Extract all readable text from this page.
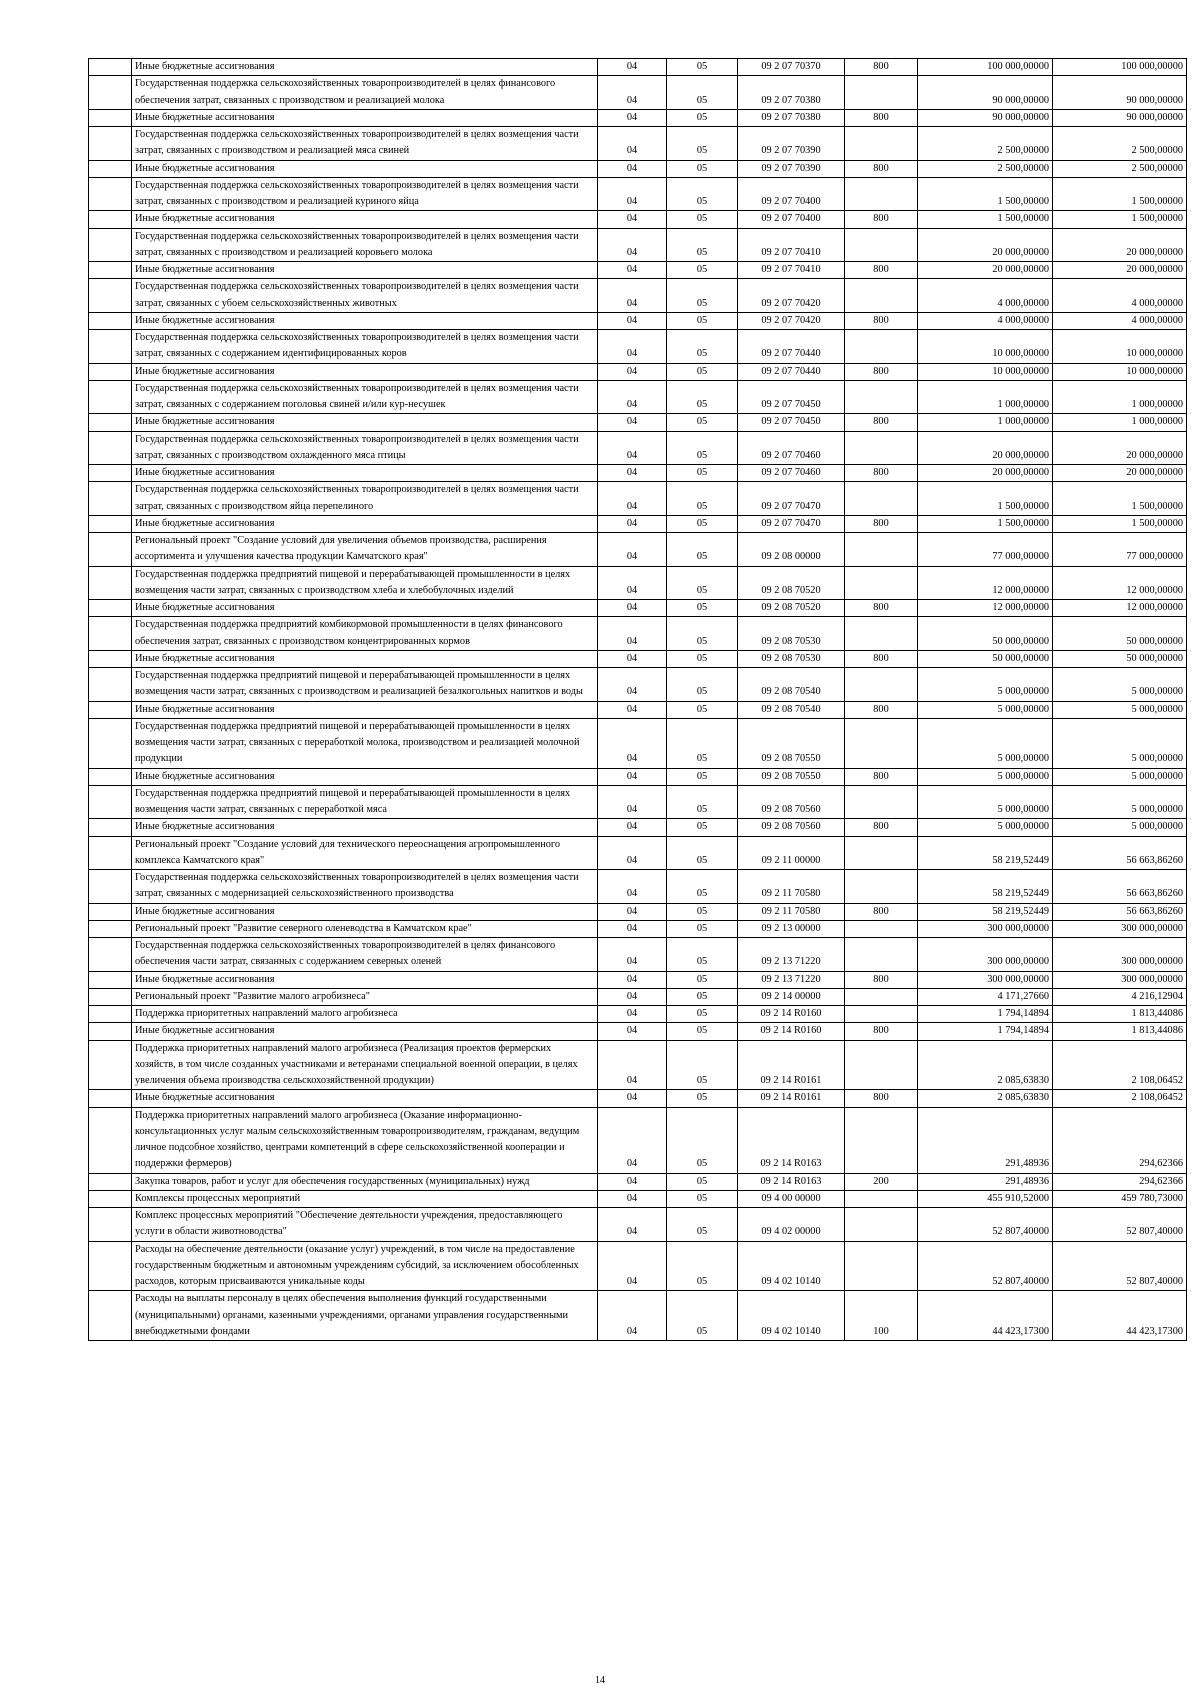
	Иные бюджетные ассигнования	04	05	09 2 07 70370	800	100 000,00000	100 000,00000
	Государственная поддержка сельскохозяйственных товаропроизводителей в целях финансового обеспечения затрат, связанных с производством и реализацией молока	04	05	09 2 07 70380		90 000,00000	90 000,00000
	Иные бюджетные ассигнования	04	05	09 2 07 70380	800	90 000,00000	90 000,00000
	Государственная поддержка сельскохозяйственных товаропроизводителей в целях возмещения части затрат, связанных с производством и реализацией мяса свиней	04	05	09 2 07 70390		2 500,00000	2 500,00000
	Иные бюджетные ассигнования	04	05	09 2 07 70390	800	2 500,00000	2 500,00000
	Государственная поддержка сельскохозяйственных товаропроизводителей в целях возмещения части затрат, связанных с производством и реализацией куриного яйца	04	05	09 2 07 70400		1 500,00000	1 500,00000
	Иные бюджетные ассигнования	04	05	09 2 07 70400	800	1 500,00000	1 500,00000
	Государственная поддержка сельскохозяйственных товаропроизводителей в целях возмещения части затрат, связанных с производством и реализацией коровьего молока	04	05	09 2 07 70410		20 000,00000	20 000,00000
	Иные бюджетные ассигнования	04	05	09 2 07 70410	800	20 000,00000	20 000,00000
	Государственная поддержка сельскохозяйственных товаропроизводителей в целях возмещения части затрат, связанных с убоем сельскохозяйственных животных	04	05	09 2 07 70420		4 000,00000	4 000,00000
	Иные бюджетные ассигнования	04	05	09 2 07 70420	800	4 000,00000	4 000,00000
	Государственная поддержка сельскохозяйственных товаропроизводителей в целях возмещения части затрат, связанных с содержанием идентифицированных коров	04	05	09 2 07 70440		10 000,00000	10 000,00000
	Иные бюджетные ассигнования	04	05	09 2 07 70440	800	10 000,00000	10 000,00000
	Государственная поддержка сельскохозяйственных товаропроизводителей в целях возмещения части затрат, связанных с содержанием поголовья свиней и/или кур-несушек	04	05	09 2 07 70450		1 000,00000	1 000,00000
	Иные бюджетные ассигнования	04	05	09 2 07 70450	800	1 000,00000	1 000,00000
	Государственная поддержка сельскохозяйственных товаропроизводителей в целях возмещения части затрат, связанных с производством охлажденного мяса птицы	04	05	09 2 07 70460		20 000,00000	20 000,00000
	Иные бюджетные ассигнования	04	05	09 2 07 70460	800	20 000,00000	20 000,00000
	Государственная поддержка сельскохозяйственных товаропроизводителей в целях возмещения части затрат, связанных с производством яйца перепелиного	04	05	09 2 07 70470		1 500,00000	1 500,00000
	Иные бюджетные ассигнования	04	05	09 2 07 70470	800	1 500,00000	1 500,00000
	Региональный проект "Создание условий для увеличения объемов производства, расширения ассортимента и улучшения качества продукции Камчатского края"	04	05	09 2 08 00000		77 000,00000	77 000,00000
	Государственная поддержка предприятий пищевой и перерабатывающей промышленности в целях возмещения части затрат, связанных с производством хлеба и хлебобулочных изделий	04	05	09 2 08 70520		12 000,00000	12 000,00000
	Иные бюджетные ассигнования	04	05	09 2 08 70520	800	12 000,00000	12 000,00000
	Государственная поддержка предприятий комбикормовой промышленности в целях финансового обеспечения затрат, связанных с производством концентрированных кормов	04	05	09 2 08 70530		50 000,00000	50 000,00000
	Иные бюджетные ассигнования	04	05	09 2 08 70530	800	50 000,00000	50 000,00000
	Государственная поддержка предприятий пищевой и перерабатывающей промышленности в целях возмещения части затрат, связанных с производством и реализацией безалкогольных напитков и воды	04	05	09 2 08 70540		5 000,00000	5 000,00000
	Иные бюджетные ассигнования	04	05	09 2 08 70540	800	5 000,00000	5 000,00000
	Государственная поддержка предприятий пищевой и перерабатывающей промышленности в целях возмещения части затрат, связанных с переработкой молока, производством и реализацией молочной продукции	04	05	09 2 08 70550		5 000,00000	5 000,00000
	Иные бюджетные ассигнования	04	05	09 2 08 70550	800	5 000,00000	5 000,00000
	Государственная поддержка предприятий пищевой и перерабатывающей промышленности в целях возмещения части затрат, связанных с переработкой мяса	04	05	09 2 08 70560		5 000,00000	5 000,00000
	Иные бюджетные ассигнования	04	05	09 2 08 70560	800	5 000,00000	5 000,00000
	Региональный проект "Создание условий для технического переоснащения агропромышленного комплекса Камчатского края"	04	05	09 2 11 00000		58 219,52449	56 663,86260
	Государственная поддержка сельскохозяйственных товаропроизводителей в целях возмещения части затрат, связанных с модернизацией сельскохозяйственного производства	04	05	09 2 11 70580		58 219,52449	56 663,86260
	Иные бюджетные ассигнования	04	05	09 2 11 70580	800	58 219,52449	56 663,86260
	Региональный проект "Развитие северного оленеводства в Камчатском крае"	04	05	09 2 13 00000		300 000,00000	300 000,00000
	Государственная поддержка сельскохозяйственных товаропроизводителей в целях финансового обеспечения части затрат, связанных с содержанием северных оленей	04	05	09 2 13 71220		300 000,00000	300 000,00000
	Иные бюджетные ассигнования	04	05	09 2 13 71220	800	300 000,00000	300 000,00000
	Региональный проект "Развитие малого агробизнеса"	04	05	09 2 14 00000		4 171,27660	4 216,12904
	Поддержка приоритетных направлений малого агробизнеса	04	05	09 2 14 R0160		1 794,14894	1 813,44086
	Иные бюджетные ассигнования	04	05	09 2 14 R0160	800	1 794,14894	1 813,44086
	Поддержка приоритетных направлений малого агробизнеса (Реализация проектов фермерских хозяйств, в том числе созданных участниками и ветеранами специальной военной операции, в целях увеличения объема производства сельскохозяйственной продукции)	04	05	09 2 14 R0161		2 085,63830	2 108,06452
	Иные бюджетные ассигнования	04	05	09 2 14 R0161	800	2 085,63830	2 108,06452
	Поддержка приоритетных направлений малого агробизнеса (Оказание информационно-консультационных услуг малым сельскохозяйственным товаропроизводителям, гражданам, ведущим личное подсобное хозяйство, центрами компетенций в сфере сельскохозяйственной кооперации и поддержки фермеров)	04	05	09 2 14 R0163		291,48936	294,62366
	Закупка товаров, работ и услуг для обеспечения государственных (муниципальных) нужд	04	05	09 2 14 R0163	200	291,48936	294,62366
	Комплексы процессных мероприятий	04	05	09 4 00 00000		455 910,52000	459 780,73000
	Комплекс процессных мероприятий "Обеспечение деятельности учреждения, предоставляющего услуги в области животноводства"	04	05	09 4 02 00000		52 807,40000	52 807,40000
	Расходы на обеспечение деятельности (оказание услуг) учреждений, в том числе на предоставление государственным бюджетным и автономным учреждениям субсидий, за исключением обособленных расходов, которым присваиваются уникальные коды	04	05	09 4 02 10140		52 807,40000	52 807,40000
	Расходы на выплаты персоналу в целях обеспечения выполнения функций государственными (муниципальными) органами, казенными учреждениями, органами управления государственными внебюджетными фондами	04	05	09 4 02 10140	100	44 423,17300	44 423,17300
14
